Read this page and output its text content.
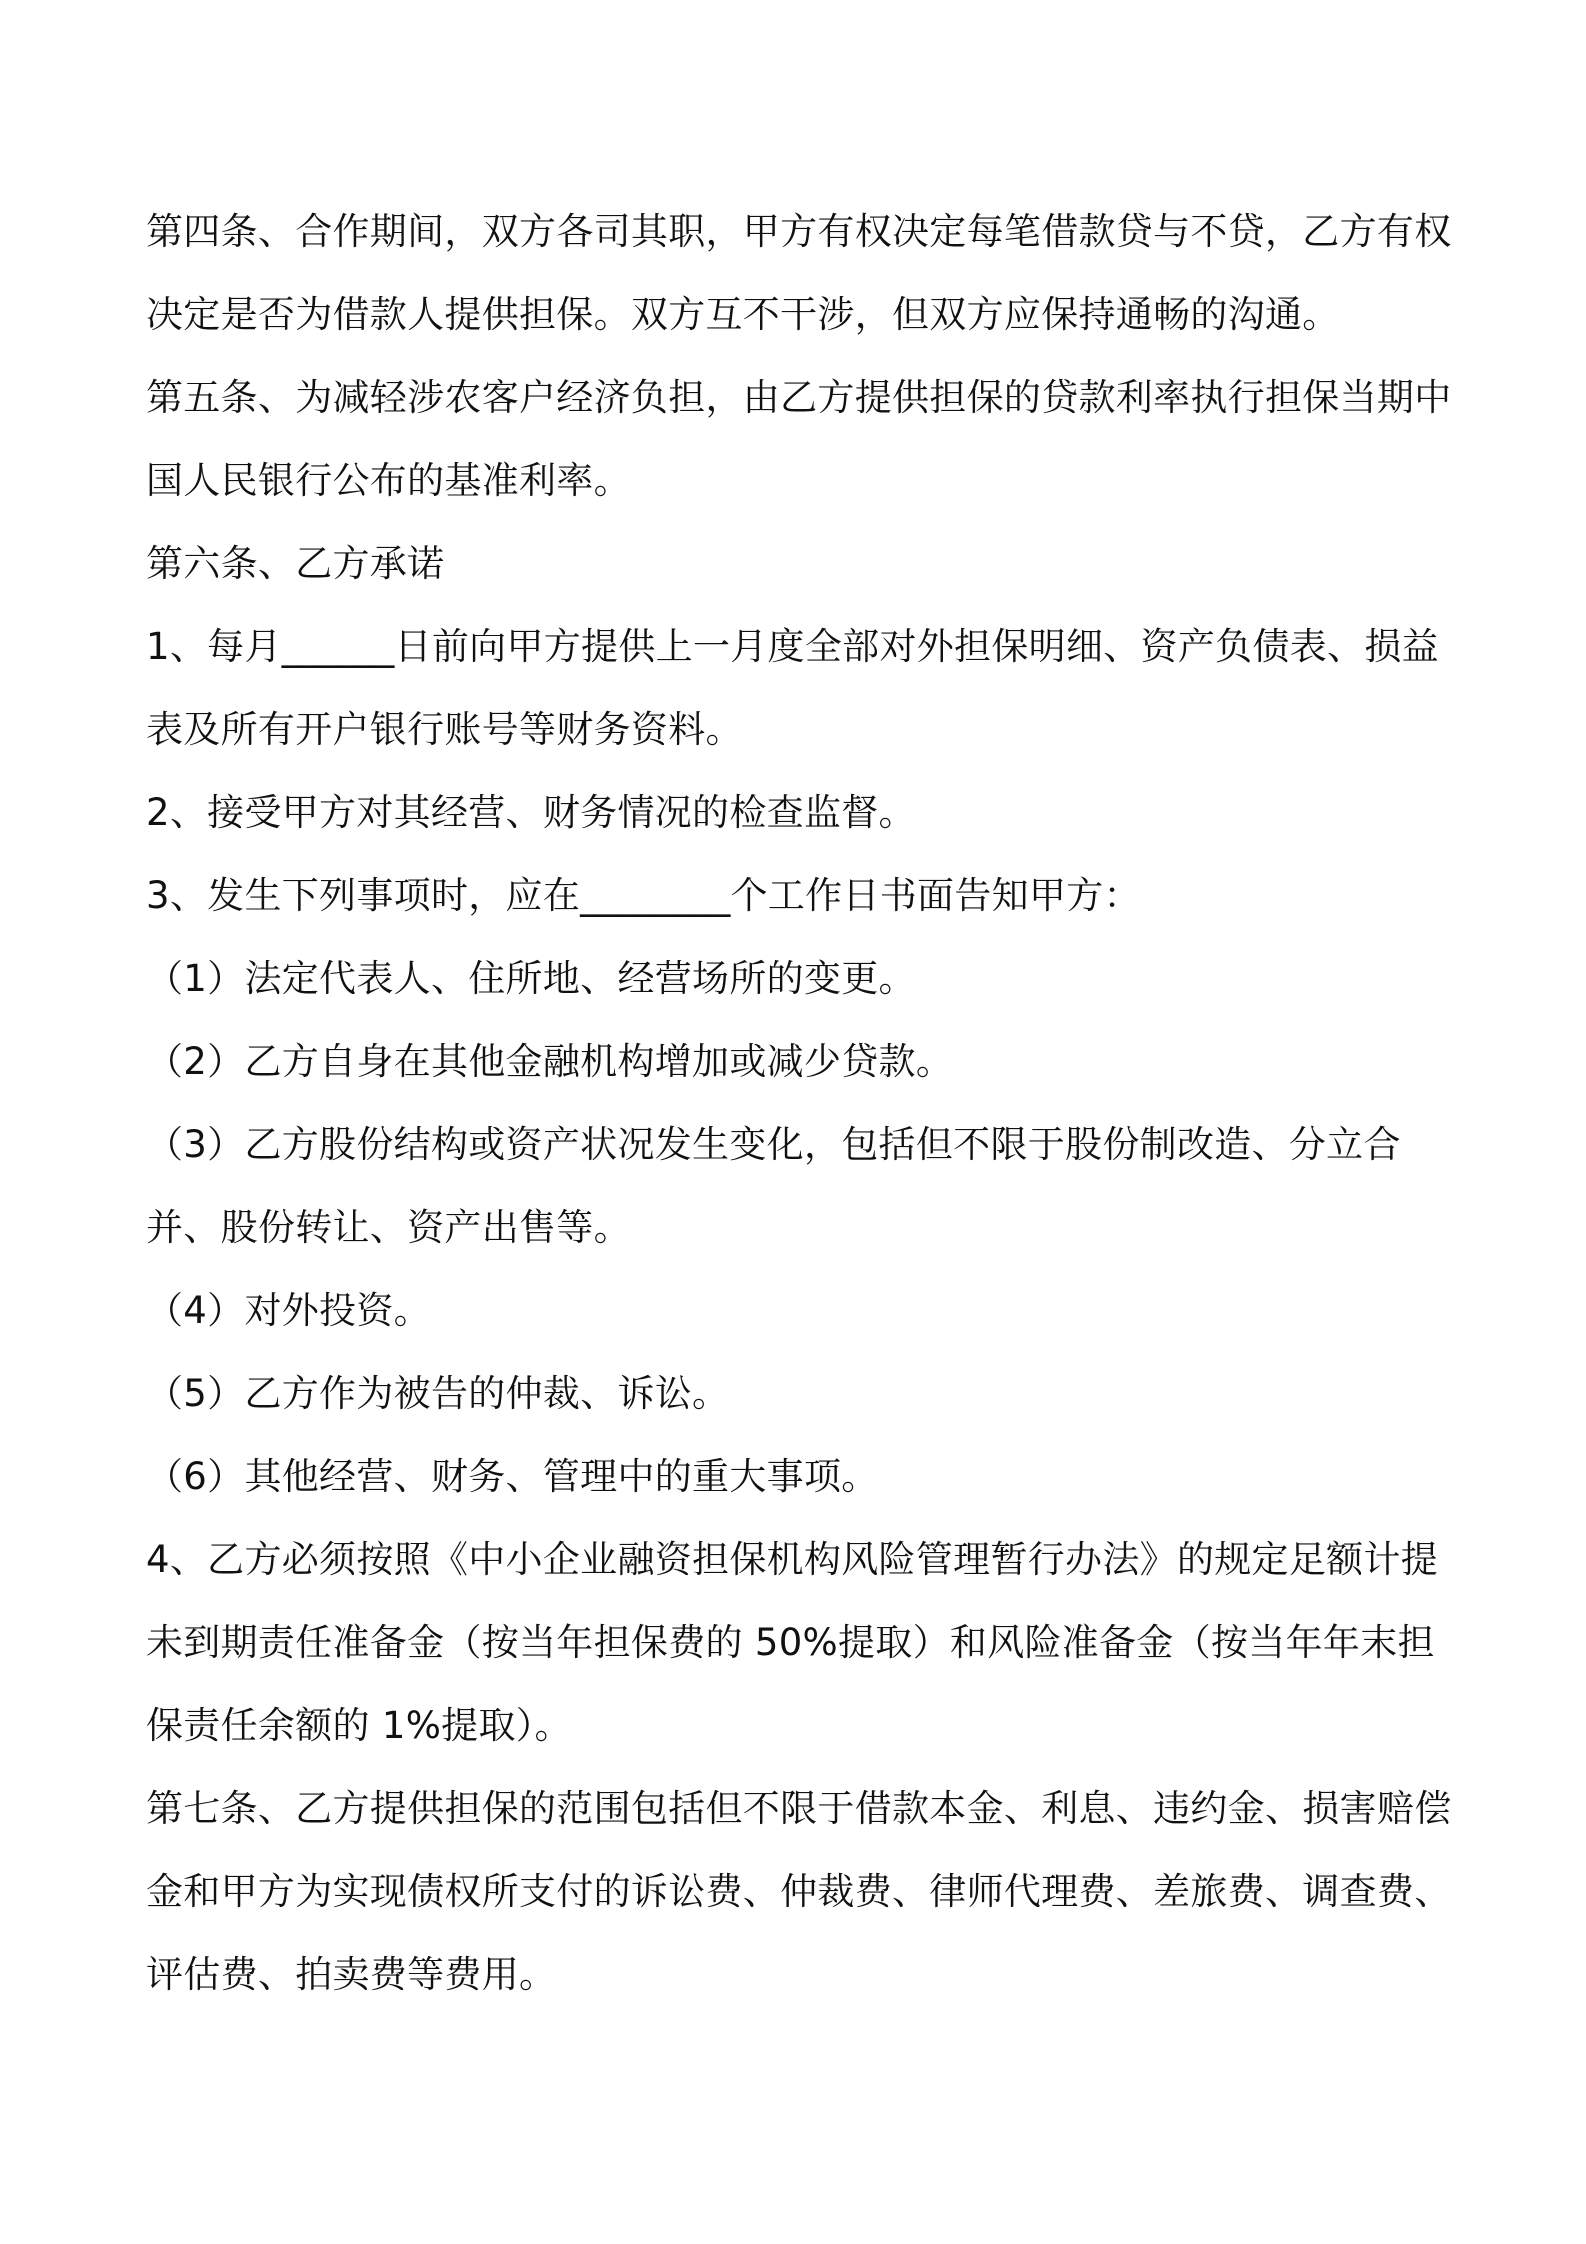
第四条、合作期间，双方各司其职，甲方有权决定每笔借款贷与不贷，乙方有权决定是否为借款人提供担保。双方互不干涉，但双方应保持通畅的沟通。

第五条、为减轻涉农客户经济负担，由乙方提供担保的贷款利率执行担保当期中国人民银行公布的基准利率。

第六条、乙方承诺

1、每月______日前向甲方提供上一月度全部对外担保明细、资产负债表、损益表及所有开户银行账号等财务资料。

2、接受甲方对其经营、财务情况的检查监督。

3、发生下列事项时，应在________个工作日书面告知甲方：

（1）法定代表人、住所地、经营场所的变更。

（2）乙方自身在其他金融机构增加或减少贷款。

（3）乙方股份结构或资产状况发生变化，包括但不限于股份制改造、分立合并、股份转让、资产出售等。

（4）对外投资。

（5）乙方作为被告的仲裁、诉讼。

（6）其他经营、财务、管理中的重大事项。

4、乙方必须按照《中小企业融资担保机构风险管理暂行办法》的规定足额计提未到期责任准备金（按当年担保费的 50%提取）和风险准备金（按当年年末担保责任余额的 1%提取）。

第七条、乙方提供担保的范围包括但不限于借款本金、利息、违约金、损害赔偿金和甲方为实现债权所支付的诉讼费、仲裁费、律师代理费、差旅费、调查费、评估费、拍卖费等费用。
